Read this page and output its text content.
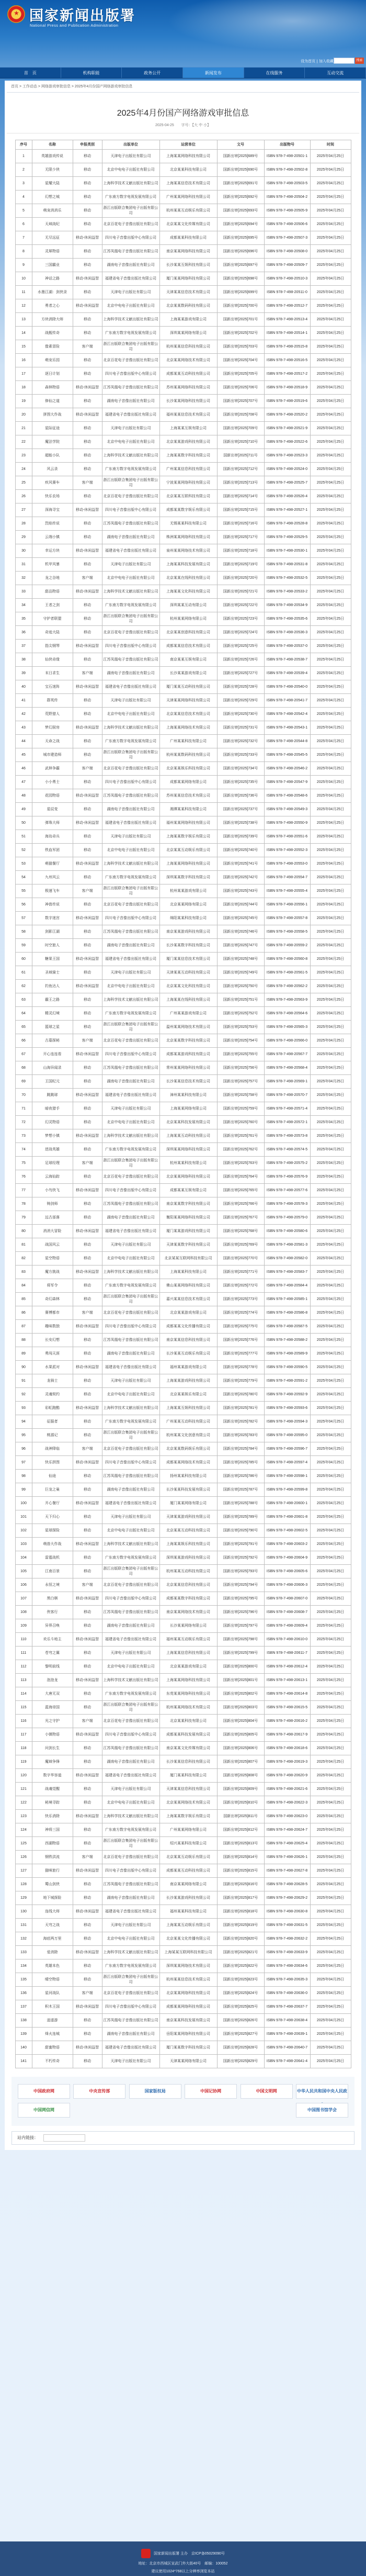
★
国家新闻出版署
National Press and Publication Administration
设为首页 | 加入收藏	搜索
首　页	机构职能	政务公开	新闻发布	在线服务	互动交流
首页 > 工作动态 > 网络游戏审批信息 > 2025年4月份国产网络游戏审批信息
2025年4月份国产网络游戏审批信息
2025-04-25 字号：【大 中 小】
序号	名称	申报类别	出版单位	运营单位	文号	出版物号	时间
1	英雄游戏传说	移动	天津电子出版社有限公司	上海某某网络科技有限公司	国新出审[2025]689号	ISBN 978-7-498-20501-1	2025年04月25日
2	无限少侠	移动	北京中电电子出版社有限公司	北京某某科技有限公司	国新出审[2025]690号	ISBN 978-7-498-20502-8	2025年04月25日
3	星耀大陆	移动	上海科学技术文献出版社有限公司	上海某某信息技术有限公司	国新出审[2025]691号	ISBN 978-7-498-20503-5	2025年04月25日
4	幻想之城	移动	广东南方数字电视发展有限公司	广州某某网络科技有限公司	国新出审[2025]692号	ISBN 978-7-498-20504-2	2025年04月25日
5	萌宠消消乐	移动	浙江出版联合集团电子出版有限公司	杭州某某互动娱乐有限公司	国新出审[2025]693号	ISBN 978-7-498-20505-9	2025年04月25日
6	天域战纪	移动	北京百花电子音像出版社有限公司	北京某某文化传媒有限公司	国新出审[2025]694号	ISBN 978-7-498-20506-6	2025年04月25日
7	无尽远征	移动-休闲益智	四川电子音像出版中心有限公司	成都某某科技有限公司	国新出审[2025]695号	ISBN 978-7-498-20507-3	2025年04月25日
8	灵犀物语	移动	江苏凤凰电子音像出版社有限公司	南京某某网络科技有限公司	国新出审[2025]696号	ISBN 978-7-498-20508-0	2025年04月25日
9	三国霸业	移动	湖南电子音像出版社有限公司	长沙某某互娱科技有限公司	国新出审[2025]697号	ISBN 978-7-498-20509-7	2025年04月25日
10	神话之路	移动-休闲益智	福建省电子音像出版社有限公司	厦门某某网络科技有限公司	国新出审[2025]698号	ISBN 978-7-498-20510-3	2025年04月25日
11	水墨江湖：剑侠录	移动	天津电子出版社有限公司	天津某某信息技术有限公司	国新出审[2025]699号	ISBN 978-7-498-20511-0	2025年04月25日
12	勇者之心	移动-休闲益智	北京中电电子出版社有限公司	北京某某数码科技有限公司	国新出审[2025]700号	ISBN 978-7-498-20512-7	2025年04月25日
13	方块消除大师	移动	上海科学技术文献出版社有限公司	上海某某游戏有限公司	国新出审[2025]701号	ISBN 978-7-498-20513-4	2025年04月25日
14	战舰传奇	移动	广东南方数字电视发展有限公司	深圳某某网络有限公司	国新出审[2025]702号	ISBN 978-7-498-20514-1	2025年04月25日
15	像素冒险	客户端	浙江出版联合集团电子出版有限公司	杭州某某信息科技有限公司	国新出审[2025]703号	ISBN 978-7-498-20515-8	2025年04月25日
16	萌宠乐园	移动	北京百花电子音像出版社有限公司	北京某某网络技术有限公司	国新出审[2025]704号	ISBN 978-7-498-20516-5	2025年04月25日
17	逐日计划	移动	四川电子音像出版中心有限公司	成都某某互动科技有限公司	国新出审[2025]705号	ISBN 978-7-498-20517-2	2025年04月25日
18	森林物语	移动-休闲益智	江苏凤凰电子音像出版社有限公司	苏州某某网络科技有限公司	国新出审[2025]706号	ISBN 978-7-498-20518-9	2025年04月25日
19	修仙之道	移动	湖南电子音像出版社有限公司	长沙某某网络科技有限公司	国新出审[2025]707号	ISBN 978-7-498-20519-6	2025年04月25日
20	拼图大作战	移动-休闲益智	福建省电子音像出版社有限公司	福州某某信息技术有限公司	国新出审[2025]708号	ISBN 978-7-498-20520-2	2025年04月25日
21	星际征途	移动	天津电子出版社有限公司	上海某某互娱有限公司	国新出审[2025]709号	ISBN 978-7-498-20521-9	2025年04月25日
22	魔法学院	移动	北京中电电子出版社有限公司	北京某某游戏科技有限公司	国新出审[2025]710号	ISBN 978-7-498-20522-6	2025年04月25日
23	超能小队	移动	上海科学技术文献出版社有限公司	上海某某数字科技有限公司	国新出审[2025]711号	ISBN 978-7-498-20523-3	2025年04月25日
24	风云录	移动	广东南方数字电视发展有限公司	广州某某信息科技有限公司	国新出审[2025]712号	ISBN 978-7-498-20524-0	2025年04月25日
25	疾风赛车	客户端	浙江出版联合集团电子出版有限公司	宁波某某网络科技有限公司	国新出审[2025]713号	ISBN 978-7-498-20525-7	2025年04月25日
26	快乐农场	移动	北京百花电子音像出版社有限公司	北京某某互联科技有限公司	国新出审[2025]714号	ISBN 978-7-498-20526-4	2025年04月25日
27	深海寻宝	移动-休闲益智	四川电子音像出版中心有限公司	成都某某数字娱乐有限公司	国新出审[2025]715号	ISBN 978-7-498-20527-1	2025年04月25日
28	烈焰传说	移动	江苏凤凰电子音像出版社有限公司	无锡某某科技有限公司	国新出审[2025]716号	ISBN 978-7-498-20528-8	2025年04月25日
29	云端小镇	移动	湖南电子音像出版社有限公司	株洲某某网络科技有限公司	国新出审[2025]717号	ISBN 978-7-498-20529-5	2025年04月25日
30	幸运方块	移动-休闲益智	福建省电子音像出版社有限公司	泉州某某网络技术有限公司	国新出审[2025]718号	ISBN 978-7-498-20530-1	2025年04月25日
31	机甲风暴	移动	天津电子出版社有限公司	上海某某科技发展有限公司	国新出审[2025]719号	ISBN 978-7-498-20531-8	2025年04月25日
32	龙之谷地	客户端	北京中电电子出版社有限公司	北京某某在线科技有限公司	国新出审[2025]720号	ISBN 978-7-498-20532-5	2025年04月25日
33	甜品物语	移动-休闲益智	上海科学技术文献出版社有限公司	上海某某文化科技有限公司	国新出审[2025]721号	ISBN 978-7-498-20533-2	2025年04月25日
34	王者之剑	移动	广东南方数字电视发展有限公司	深圳某某互动有限公司	国新出审[2025]722号	ISBN 978-7-498-20534-9	2025年04月25日
35	守护者联盟	移动	浙江出版联合集团电子出版有限公司	杭州某某网络有限公司	国新出审[2025]723号	ISBN 978-7-498-20535-6	2025年04月25日
36	奇迹大陆	移动	北京百花电子音像出版社有限公司	北京某某创意科技有限公司	国新出审[2025]724号	ISBN 978-7-498-20536-3	2025年04月25日
37	指尖钢琴	移动-休闲益智	四川电子音像出版中心有限公司	成都某某信息技术有限公司	国新出审[2025]725号	ISBN 978-7-498-20537-0	2025年04月25日
38	仙侠奇缘	移动	江苏凤凰电子音像出版社有限公司	南京某某互娱有限公司	国新出审[2025]726号	ISBN 978-7-498-20538-7	2025年04月25日
39	末日求生	客户端	湖南电子音像出版社有限公司	长沙某某游戏有限公司	国新出审[2025]727号	ISBN 978-7-498-20539-4	2025年04月25日
40	宝石迷阵	移动-休闲益智	福建省电子音像出版社有限公司	厦门某某互动科技有限公司	国新出审[2025]728号	ISBN 978-7-498-20540-0	2025年04月25日
41	群英传	移动	天津电子出版社有限公司	天津某某网络科技有限公司	国新出审[2025]729号	ISBN 978-7-498-20541-7	2025年04月25日
42	荒野猎人	移动	北京中电电子出版社有限公司	北京某某信息技术有限公司	国新出审[2025]730号	ISBN 978-7-498-20542-4	2025年04月25日
43	梦幻厨房	移动-休闲益智	上海科学技术文献出版社有限公司	上海某某网络技术有限公司	国新出审[2025]731号	ISBN 978-7-498-20543-1	2025年04月25日
44	天命之战	移动	广东南方数字电视发展有限公司	广州某某科技有限公司	国新出审[2025]732号	ISBN 978-7-498-20544-8	2025年04月25日
45	城市建造师	移动	浙江出版联合集团电子出版有限公司	杭州某某数码科技有限公司	国新出审[2025]733号	ISBN 978-7-498-20545-5	2025年04月25日
46	武林争霸	客户端	北京百花电子音像出版社有限公司	北京某某娱乐科技有限公司	国新出审[2025]734号	ISBN 978-7-498-20546-2	2025年04月25日
47	小小勇士	移动	四川电子音像出版中心有限公司	成都某某网络有限公司	国新出审[2025]735号	ISBN 978-7-498-20547-9	2025年04月25日
48	花园物语	移动-休闲益智	江苏凤凰电子音像出版社有限公司	苏州某某信息技术有限公司	国新出审[2025]736号	ISBN 978-7-498-20548-6	2025年04月25日
49	星辰变	移动	湖南电子音像出版社有限公司	湘潭某某科技有限公司	国新出审[2025]737号	ISBN 978-7-498-20549-3	2025年04月25日
50	弹珠大师	移动-休闲益智	福建省电子音像出版社有限公司	福州某某网络科技有限公司	国新出审[2025]738号	ISBN 978-7-498-20550-9	2025年04月25日
51	海岛奇兵	移动	天津电子出版社有限公司	上海某某数字娱乐有限公司	国新出审[2025]739号	ISBN 978-7-498-20551-6	2025年04月25日
52	铁血军团	移动	北京中电电子出版社有限公司	北京某某互动娱乐有限公司	国新出审[2025]740号	ISBN 978-7-498-20552-3	2025年04月25日
53	萌猫餐厅	移动-休闲益智	上海科学技术文献出版社有限公司	上海某某网络科技有限公司	国新出审[2025]741号	ISBN 978-7-498-20553-0	2025年04月25日
54	九州风云	移动	广东南方数字电视发展有限公司	深圳某某数字科技有限公司	国新出审[2025]742号	ISBN 978-7-498-20554-7	2025年04月25日
55	极速飞车	客户端	浙江出版联合集团电子出版有限公司	杭州某某游戏有限公司	国新出审[2025]743号	ISBN 978-7-498-20555-4	2025年04月25日
56	神兽传说	移动	北京百花电子音像出版社有限公司	北京某某网络有限公司	国新出审[2025]744号	ISBN 978-7-498-20556-1	2025年04月25日
57	数字迷宫	移动-休闲益智	四川电子音像出版中心有限公司	绵阳某某科技有限公司	国新出审[2025]745号	ISBN 978-7-498-20557-8	2025年04月25日
58	剑影江湖	移动	江苏凤凰电子音像出版社有限公司	南京某某游戏科技有限公司	国新出审[2025]746号	ISBN 978-7-498-20558-5	2025年04月25日
59	时空旅人	移动	湖南电子音像出版社有限公司	长沙某某数字科技有限公司	国新出审[2025]747号	ISBN 978-7-498-20559-2	2025年04月25日
60	糖果王国	移动-休闲益智	福建省电子音像出版社有限公司	厦门某某信息技术有限公司	国新出审[2025]748号	ISBN 978-7-498-20560-8	2025年04月25日
61	圣域骑士	移动	天津电子出版社有限公司	天津某某互动科技有限公司	国新出审[2025]749号	ISBN 978-7-498-20561-5	2025年04月25日
62	钓鱼达人	移动-休闲益智	北京中电电子出版社有限公司	北京某某文化科技有限公司	国新出审[2025]750号	ISBN 978-7-498-20562-2	2025年04月25日
63	霸王之路	移动	上海科学技术文献出版社有限公司	上海某某在线科技有限公司	国新出审[2025]751号	ISBN 978-7-498-20563-9	2025年04月25日
64	精灵幻境	移动	广东南方数字电视发展有限公司	广州某某游戏有限公司	国新出审[2025]752号	ISBN 978-7-498-20564-6	2025年04月25日
65	篮球之星	移动	浙江出版联合集团电子出版有限公司	温州某某网络技术有限公司	国新出审[2025]753号	ISBN 978-7-498-20565-3	2025年04月25日
66	古墓探秘	客户端	北京百花电子音像出版社有限公司	北京某某数字科技有限公司	国新出审[2025]754号	ISBN 978-7-498-20566-0	2025年04月25日
67	开心连连看	移动-休闲益智	四川电子音像出版中心有限公司	成都某某游戏科技有限公司	国新出审[2025]755号	ISBN 978-7-498-20567-7	2025年04月25日
68	山海异闻录	移动	江苏凤凰电子音像出版社有限公司	常州某某网络科技有限公司	国新出审[2025]756号	ISBN 978-7-498-20568-4	2025年04月25日
69	王国纪元	移动	湖南电子音像出版社有限公司	长沙某某信息技术有限公司	国新出审[2025]757号	ISBN 978-7-498-20569-1	2025年04月25日
70	跳跳球	移动-休闲益智	福建省电子音像出版社有限公司	漳州某某科技有限公司	国新出审[2025]758号	ISBN 978-7-498-20570-7	2025年04月25日
71	暗夜猎手	移动	天津电子出版社有限公司	上海某某网络有限公司	国新出审[2025]759号	ISBN 978-7-498-20571-4	2025年04月25日
72	幻灵物语	移动	北京中电电子出版社有限公司	北京某某科技发展有限公司	国新出审[2025]760号	ISBN 978-7-498-20572-1	2025年04月25日
73	梦想小镇	移动-休闲益智	上海科学技术文献出版社有限公司	上海某某互动科技有限公司	国新出审[2025]761号	ISBN 978-7-498-20573-8	2025年04月25日
74	逆战英雄	移动	广东南方数字电视发展有限公司	深圳某某网络科技有限公司	国新出审[2025]762号	ISBN 978-7-498-20574-5	2025年04月25日
75	足球经理	客户端	浙江出版联合集团电子出版有限公司	杭州某某科技有限公司	国新出审[2025]763号	ISBN 978-7-498-20575-2	2025年04月25日
76	云海仙踪	移动	北京百花电子音像出版社有限公司	北京某某网络科技有限公司	国新出审[2025]764号	ISBN 978-7-498-20576-9	2025年04月25日
77	小鸟快飞	移动-休闲益智	四川电子音像出版中心有限公司	成都某某互娱有限公司	国新出审[2025]765号	ISBN 978-7-498-20577-6	2025年04月25日
78	铸剑师	移动	江苏凤凰电子音像出版社有限公司	南京某某数字科技有限公司	国新出审[2025]766号	ISBN 978-7-498-20578-3	2025年04月25日
79	远古部落	移动	湖南电子音像出版社有限公司	衡阳某某网络科技有限公司	国新出审[2025]767号	ISBN 978-7-498-20579-0	2025年04月25日
80	消消大冒险	移动-休闲益智	福建省电子音像出版社有限公司	厦门某某游戏科技有限公司	国新出审[2025]768号	ISBN 978-7-498-20580-6	2025年04月25日
81	战国风云	移动	天津电子出版社有限公司	天津某某数字科技有限公司	国新出审[2025]769号	ISBN 978-7-498-20581-3	2025年04月25日
82	星空物语	移动	北京中电电子出版社有限公司	北京某某互联网科技有限公司	国新出审[2025]770号	ISBN 978-7-498-20582-0	2025年04月25日
83	魔方挑战	移动-休闲益智	上海科学技术文献出版社有限公司	上海某某科技有限公司	国新出审[2025]771号	ISBN 978-7-498-20583-7	2025年04月25日
84	将军令	移动	广东南方数字电视发展有限公司	佛山某某网络科技有限公司	国新出审[2025]772号	ISBN 978-7-498-20584-4	2025年04月25日
85	奇幻森林	移动	浙江出版联合集团电子出版有限公司	嘉兴某某信息技术有限公司	国新出审[2025]773号	ISBN 978-7-498-20585-1	2025年04月25日
86	赛博都市	客户端	北京百花电子音像出版社有限公司	北京某某游戏有限公司	国新出审[2025]774号	ISBN 978-7-498-20586-8	2025年04月25日
87	趣味数独	移动-休闲益智	四川电子音像出版中心有限公司	成都某某文化传播有限公司	国新出审[2025]775号	ISBN 978-7-498-20587-5	2025年04月25日
88	长安幻想	移动	江苏凤凰电子音像出版社有限公司	南京某某信息科技有限公司	国新出审[2025]776号	ISBN 978-7-498-20588-2	2025年04月25日
89	勇闯天涯	移动	湖南电子音像出版社有限公司	长沙某某互动娱乐有限公司	国新出审[2025]777号	ISBN 978-7-498-20589-9	2025年04月25日
90	水果派对	移动-休闲益智	福建省电子音像出版社有限公司	福州某某游戏有限公司	国新出审[2025]778号	ISBN 978-7-498-20590-5	2025年04月25日
91	龙骑士	移动	天津电子出版社有限公司	上海某某游戏科技有限公司	国新出审[2025]779号	ISBN 978-7-498-20591-2	2025年04月25日
92	灵魂契约	移动	北京中电电子出版社有限公司	北京某某娱乐有限公司	国新出审[2025]780号	ISBN 978-7-498-20592-9	2025年04月25日
93	彩虹跑酷	移动-休闲益智	上海科学技术文献出版社有限公司	上海某某互娱科技有限公司	国新出审[2025]781号	ISBN 978-7-498-20593-6	2025年04月25日
94	征服者	移动	广东南方数字电视发展有限公司	广州某某互动科技有限公司	国新出审[2025]782号	ISBN 978-7-498-20594-3	2025年04月25日
95	桃源记	移动	浙江出版联合集团电子出版有限公司	杭州某某文化创意有限公司	国新出审[2025]783号	ISBN 978-7-498-20595-0	2025年04月25日
96	战神降临	客户端	北京百花电子音像出版社有限公司	北京某某数码娱乐有限公司	国新出审[2025]784号	ISBN 978-7-498-20596-7	2025年04月25日
97	快乐拼图	移动-休闲益智	四川电子音像出版中心有限公司	成都某某网络技术有限公司	国新出审[2025]785号	ISBN 978-7-498-20597-4	2025年04月25日
98	仙途	移动	江苏凤凰电子音像出版社有限公司	扬州某某科技有限公司	国新出审[2025]786号	ISBN 978-7-498-20598-1	2025年04月25日
99	巨龙之巢	移动	湖南电子音像出版社有限公司	长沙某某科技发展有限公司	国新出审[2025]787号	ISBN 978-7-498-20599-8	2025年04月25日
100	开心餐厅	移动-休闲益智	福建省电子音像出版社有限公司	厦门某某网络有限公司	国新出审[2025]788号	ISBN 978-7-498-20600-1	2025年04月25日
101	天下归心	移动	天津电子出版社有限公司	天津某某游戏科技有限公司	国新出审[2025]789号	ISBN 978-7-498-20601-8	2025年04月25日
102	星球探险	移动	北京中电电子出版社有限公司	北京某某互动科技有限公司	国新出审[2025]790号	ISBN 978-7-498-20602-5	2025年04月25日
103	萌兽大作战	移动-休闲益智	上海科学技术文献出版社有限公司	上海某某娱乐科技有限公司	国新出审[2025]791号	ISBN 978-7-498-20603-2	2025年04月25日
104	雷霆战机	移动	广东南方数字电视发展有限公司	深圳某某游戏科技有限公司	国新出审[2025]792号	ISBN 978-7-498-20604-9	2025年04月25日
105	江南百景	移动	浙江出版联合集团电子出版有限公司	杭州某某互动科技有限公司	国新出审[2025]793号	ISBN 978-7-498-20605-6	2025年04月25日
106	永恒之境	客户端	北京百花电子音像出版社有限公司	北京某某信息科技有限公司	国新出审[2025]794号	ISBN 978-7-498-20606-3	2025年04月25日
107	黑白棋	移动-休闲益智	四川电子音像出版中心有限公司	成都某某数字科技有限公司	国新出审[2025]795号	ISBN 978-7-498-20607-0	2025年04月25日
108	侠客行	移动	江苏凤凰电子音像出版社有限公司	南京某某网络技术有限公司	国新出审[2025]796号	ISBN 978-7-498-20608-7	2025年04月25日
109	异界召唤	移动	湖南电子音像出版社有限公司	长沙某某网络有限公司	国新出审[2025]797号	ISBN 978-7-498-20609-4	2025年04月25日
110	欢乐斗地主	移动-休闲益智	福建省电子音像出版社有限公司	福州某某互动娱乐有限公司	国新出审[2025]798号	ISBN 978-7-498-20610-0	2025年04月25日
111	苍穹之翼	移动	天津电子出版社有限公司	上海某某信息科技有限公司	国新出审[2025]799号	ISBN 978-7-498-20611-7	2025年04月25日
112	黎明前线	移动	北京中电电子出版社有限公司	北京某某游戏有限公司	国新出审[2025]800号	ISBN 978-7-498-20612-4	2025年04月25日
113	泡泡龙	移动-休闲益智	上海科学技术文献出版社有限公司	上海某某网络科技有限公司	国新出审[2025]801号	ISBN 978-7-498-20613-1	2025年04月25日
114	大唐无双	移动	广东南方数字电视发展有限公司	东莞某某网络科技有限公司	国新出审[2025]802号	ISBN 978-7-498-20614-8	2025年04月25日
115	蓝海帝国	移动	浙江出版联合集团电子出版有限公司	杭州某某网络技术有限公司	国新出审[2025]803号	ISBN 978-7-498-20615-5	2025年04月25日
116	光之守护	客户端	北京百花电子音像出版社有限公司	北京某某科技有限公司	国新出审[2025]804号	ISBN 978-7-498-20616-2	2025年04月25日
117	小镇物语	移动-休闲益智	四川电子音像出版中心有限公司	成都某某科技发展有限公司	国新出审[2025]805号	ISBN 978-7-498-20617-9	2025年04月25日
118	问剑长生	移动	江苏凤凰电子音像出版社有限公司	南京某某文化传媒有限公司	国新出审[2025]806号	ISBN 978-7-498-20618-6	2025年04月25日
119	魔域争锋	移动	湖南电子音像出版社有限公司	长沙某某信息科技有限公司	国新出审[2025]807号	ISBN 978-7-498-20619-3	2025年04月25日
120	数字华容道	移动-休闲益智	福建省电子音像出版社有限公司	厦门某某科技有限公司	国新出审[2025]808号	ISBN 978-7-498-20620-9	2025年04月25日
121	战魂觉醒	移动	天津电子出版社有限公司	天津某某信息科技有限公司	国新出审[2025]809号	ISBN 978-7-498-20621-6	2025年04月25日
122	秘境寻踪	移动	北京中电电子出版社有限公司	北京某某网络技术有限公司	国新出审[2025]810号	ISBN 978-7-498-20622-3	2025年04月25日
123	快乐消除	移动-休闲益智	上海科学技术文献出版社有限公司	上海某某数字娱乐有限公司	国新出审[2025]811号	ISBN 978-7-498-20623-0	2025年04月25日
124	神将三国	移动	广东南方数字电视发展有限公司	广州某某网络有限公司	国新出审[2025]812号	ISBN 978-7-498-20624-7	2025年04月25日
125	西湖物语	移动	浙江出版联合集团电子出版有限公司	绍兴某某科技有限公司	国新出审[2025]813号	ISBN 978-7-498-20625-4	2025年04月25日
126	钢铁洪流	客户端	北京百花电子音像出版社有限公司	北京某某互动娱乐有限公司	国新出审[2025]814号	ISBN 978-7-498-20626-1	2025年04月25日
127	猫咪旅行	移动-休闲益智	四川电子音像出版中心有限公司	成都某某互动科技有限公司	国新出审[2025]815号	ISBN 978-7-498-20627-8	2025年04月25日
128	蜀山剑侠	移动	江苏凤凰电子音像出版社有限公司	南京某某网络有限公司	国新出审[2025]816号	ISBN 978-7-498-20628-5	2025年04月25日
129	地下城探险	移动	湖南电子音像出版社有限公司	长沙某某游戏科技有限公司	国新出审[2025]817号	ISBN 978-7-498-20629-2	2025年04月25日
130	连线大师	移动-休闲益智	福建省电子音像出版社有限公司	福州某某科技有限公司	国新出审[2025]818号	ISBN 978-7-498-20630-8	2025年04月25日
131	天穹之战	移动	天津电子出版社有限公司	上海某某互动娱乐有限公司	国新出审[2025]819号	ISBN 978-7-498-20631-5	2025年04月25日
132	海底两万里	移动	北京中电电子出版社有限公司	北京某某文化传播有限公司	国新出审[2025]820号	ISBN 978-7-498-20632-2	2025年04月25日
133	爱消除	移动-休闲益智	上海科学技术文献出版社有限公司	上海某某互联网科技有限公司	国新出审[2025]821号	ISBN 978-7-498-20633-9	2025年04月25日
134	英雄本色	移动	广东南方数字电视发展有限公司	深圳某某网络技术有限公司	国新出审[2025]822号	ISBN 978-7-498-20634-6	2025年04月25日
135	晴空物语	移动	浙江出版联合集团电子出版有限公司	杭州某某信息技术有限公司	国新出审[2025]823号	ISBN 978-7-498-20635-3	2025年04月25日
136	星河战队	客户端	北京百花电子音像出版社有限公司	北京某某网络科技有限公司	国新出审[2025]824号	ISBN 978-7-498-20636-0	2025年04月25日
137	积木王国	移动-休闲益智	四川电子音像出版中心有限公司	成都某某网络科技有限公司	国新出审[2025]825号	ISBN 978-7-498-20637-7	2025年04月25日
138	逍遥游	移动	江苏凤凰电子音像出版社有限公司	南京某某科技发展有限公司	国新出审[2025]826号	ISBN 978-7-498-20638-4	2025年04月25日
139	烽火连城	移动	湖南电子音像出版社有限公司	岳阳某某网络科技有限公司	国新出审[2025]827号	ISBN 978-7-498-20639-1	2025年04月25日
140	甜蜜物语	移动-休闲益智	福建省电子音像出版社有限公司	厦门某某数字科技有限公司	国新出审[2025]828号	ISBN 978-7-498-20640-7	2025年04月25日
141	不朽传奇	移动	天津电子出版社有限公司	天津某某网络有限公司	国新出审[2025]829号	ISBN 978-7-498-20641-4	2025年04月25日
中国政府网	中央宣传部	国家版权局	中国记协网	中国文明网	中华人民共和国中央人民政
中国网信网	中国图书馆学会
站内链接：
国家新闻出版署 主办　京ICP备05029090号
地址：北京市西城区宣武门外大街40号　邮编：100052
建议使用1024*768以上分辨率浏览本站
